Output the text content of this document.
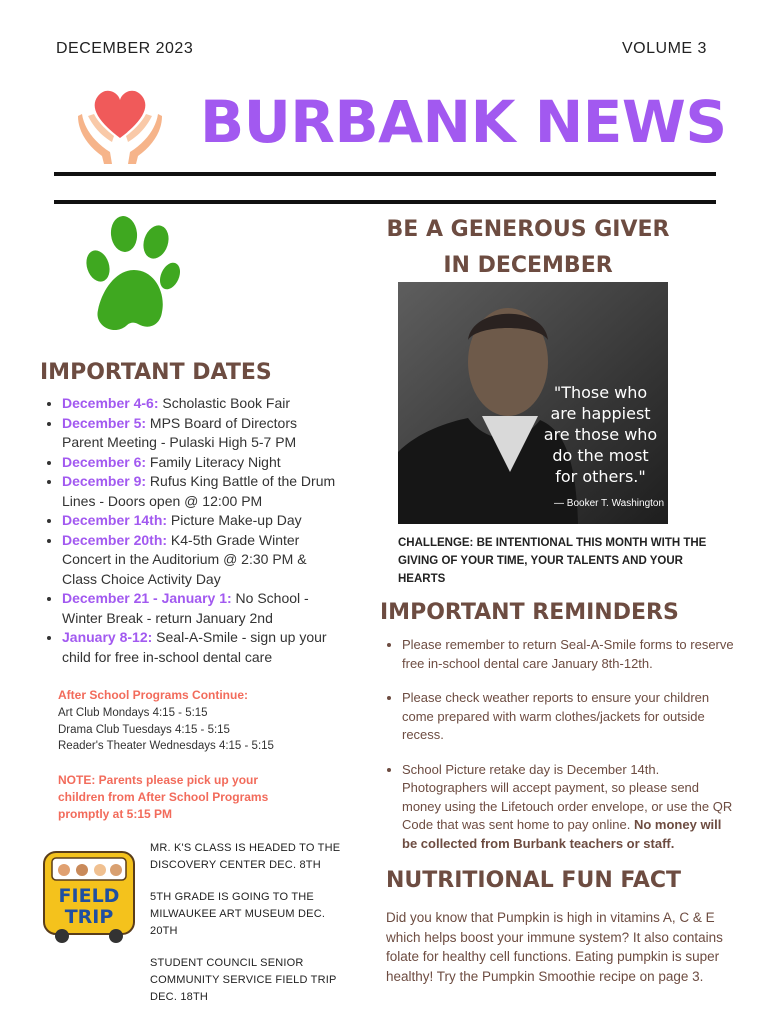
DECEMBER 2023	VOLUME 3
BURBANK NEWS
BE A GENEROUS GIVER
IN DECEMBER
"Those who
are happiest
are those who
do the most
for others."
— Booker T. Washington
CHALLENGE: BE INTENTIONAL THIS MONTH WITH THE GIVING OF YOUR TIME, YOUR TALENTS AND YOUR HEARTS
IMPORTANT DATES
• December 4-6: Scholastic Book Fair
• December 5: MPS Board of Directors Parent Meeting - Pulaski High 5-7 PM
• December 6: Family Literacy Night
• December 9: Rufus King Battle of the Drum Lines - Doors open @ 12:00 PM
• December 14th: Picture Make-up Day
• December 20th: K4-5th Grade Winter Concert in the Auditorium @ 2:30 PM & Class Choice Activity Day
• December 21 - January 1: No School - Winter Break - return January 2nd
• January 8-12: Seal-A-Smile - sign up your child for free in-school dental care
After School Programs Continue:
Art Club Mondays 4:15 - 5:15
Drama Club Tuesdays 4:15 - 5:15
Reader's Theater Wednesdays 4:15 - 5:15
NOTE: Parents please pick up your children from After School Programs promptly at 5:15 PM
FIELD
TRIP
MR. K'S CLASS IS HEADED TO THE DISCOVERY CENTER DEC. 8TH
5TH GRADE IS GOING TO THE MILWAUKEE ART MUSEUM DEC. 20TH
STUDENT COUNCIL SENIOR COMMUNITY SERVICE FIELD TRIP DEC. 18TH
IMPORTANT REMINDERS
• Please remember to return Seal-A-Smile forms to reserve free in-school dental care January 8th-12th.
• Please check weather reports to ensure your children come prepared with warm clothes/jackets for outside recess.
• School Picture retake day is December 14th. Photographers will accept payment, so please send money using the Lifetouch order envelope, or use the QR Code that was sent home to pay online. No money will be collected from Burbank teachers or staff.
NUTRITIONAL FUN FACT
Did you know that Pumpkin is high in vitamins A, C & E which helps boost your immune system? It also contains folate for healthy cell functions. Eating pumpkin is super healthy! Try the Pumpkin Smoothie recipe on page 3.
